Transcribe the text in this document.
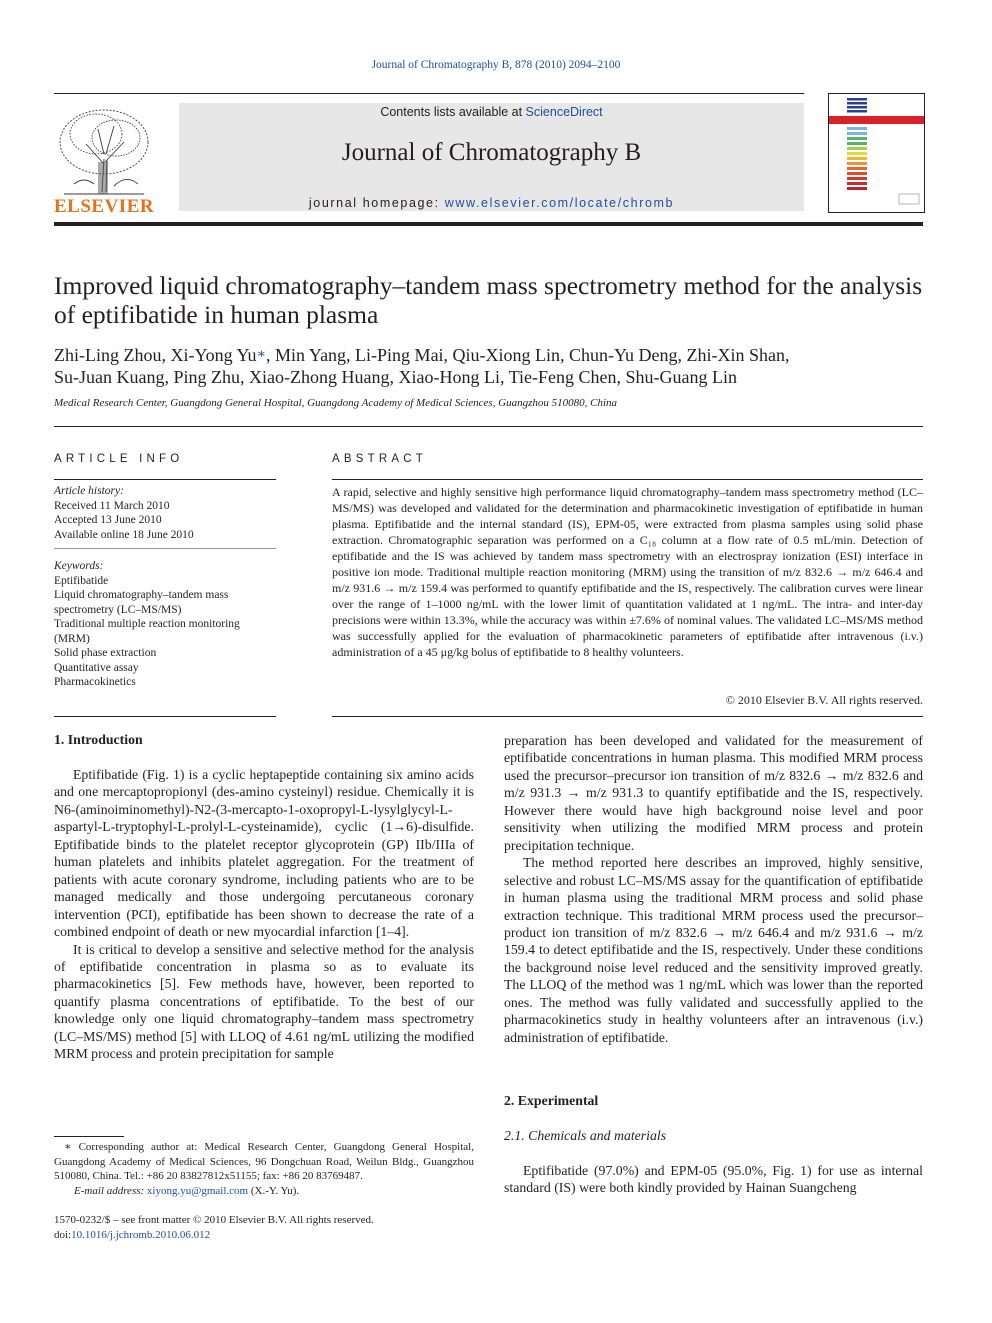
Journal of Chromatography B, 878 (2010) 2094–2100
ELSEVIER
Contents lists available at ScienceDirect
Journal of Chromatography B
journal homepage: www.elsevier.com/locate/chromb
Improved liquid chromatography–tandem mass spectrometry method for the analysis of eptifibatide in human plasma
Zhi-Ling Zhou, Xi-Yong Yu∗, Min Yang, Li-Ping Mai, Qiu-Xiong Lin, Chun-Yu Deng, Zhi-Xin Shan,
Su-Juan Kuang, Ping Zhu, Xiao-Zhong Huang, Xiao-Hong Li, Tie-Feng Chen, Shu-Guang Lin
Medical Research Center, Guangdong General Hospital, Guangdong Academy of Medical Sciences, Guangzhou 510080, China
ARTICLE INFO
Article history:
Received 11 March 2010
Accepted 13 June 2010
Available online 18 June 2010
Keywords:
Eptifibatide
Liquid chromatography–tandem mass spectrometry (LC–MS/MS)
Traditional multiple reaction monitoring (MRM)
Solid phase extraction
Quantitative assay
Pharmacokinetics
ABSTRACT
A rapid, selective and highly sensitive high performance liquid chromatography–tandem mass spectrometry method (LC–MS/MS) was developed and validated for the determination and pharmacokinetic investigation of eptifibatide in human plasma. Eptifibatide and the internal standard (IS), EPM-05, were extracted from plasma samples using solid phase extraction. Chromatographic separation was performed on a C₁₈ column at a flow rate of 0.5 mL/min. Detection of eptifibatide and the IS was achieved by tandem mass spectrometry with an electrospray ionization (ESI) interface in positive ion mode. Traditional multiple reaction monitoring (MRM) using the transition of m/z 832.6 → m/z 646.4 and m/z 931.6 → m/z 159.4 was performed to quantify eptifibatide and the IS, respectively. The calibration curves were linear over the range of 1–1000 ng/mL with the lower limit of quantitation validated at 1 ng/mL. The intra- and inter-day precisions were within 13.3%, while the accuracy was within ±7.6% of nominal values. The validated LC–MS/MS method was successfully applied for the evaluation of pharmacokinetic parameters of eptifibatide after intravenous (i.v.) administration of a 45 μg/kg bolus of eptifibatide to 8 healthy volunteers.
© 2010 Elsevier B.V. All rights reserved.
1. Introduction

Eptifibatide (Fig. 1) is a cyclic heptapeptide containing six amino acids and one mercaptopropionyl (des-amino cysteinyl) residue. Chemically it is N6-(aminoiminomethyl)-N2-(3-mercapto-1-oxopropyl-L-lysylglycyl-L-aspartyl-L-tryptophyl-L-prolyl-L-cysteinamide), cyclic (1→6)-disulfide. Eptifibatide binds to the platelet receptor glycoprotein (GP) IIb/IIIa of human platelets and inhibits platelet aggregation. For the treatment of patients with acute coronary syndrome, including patients who are to be managed medically and those undergoing percutaneous coronary intervention (PCI), eptifibatide has been shown to decrease the rate of a combined endpoint of death or new myocardial infarction [1–4].

It is critical to develop a sensitive and selective method for the analysis of eptifibatide concentration in plasma so as to evaluate its pharmacokinetics [5]. Few methods have, however, been reported to quantify plasma concentrations of eptifibatide. To the best of our knowledge only one liquid chromatography–tandem mass spectrometry (LC–MS/MS) method [5] with LLOQ of 4.61 ng/mL utilizing the modified MRM process and protein precipitation for sample

∗ Corresponding author at: Medical Research Center, Guangdong General Hospital, Guangdong Academy of Medical Sciences, 96 Dongchuan Road, Weilun Bldg., Guangzhou 510080, China. Tel.: +86 20 83827812x51155; fax: +86 20 83769487.
E-mail address: xiyong.yu@gmail.com (X.-Y. Yu).
1570-0232/$ – see front matter © 2010 Elsevier B.V. All rights reserved.
doi:10.1016/j.jchromb.2010.06.012

preparation has been developed and validated for the measurement of eptifibatide concentrations in human plasma. This modified MRM process used the precursor–precursor ion transition of m/z 832.6 → m/z 832.6 and m/z 931.3 → m/z 931.3 to quantify eptifibatide and the IS, respectively. However there would have high background noise level and poor sensitivity when utilizing the modified MRM process and protein precipitation technique.

The method reported here describes an improved, highly sensitive, selective and robust LC–MS/MS assay for the quantification of eptifibatide in human plasma using the traditional MRM process and solid phase extraction technique. This traditional MRM process used the precursor–product ion transition of m/z 832.6 → m/z 646.4 and m/z 931.6 → m/z 159.4 to detect eptifibatide and the IS, respectively. Under these conditions the background noise level reduced and the sensitivity improved greatly. The LLOQ of the method was 1 ng/mL which was lower than the reported ones. The method was fully validated and successfully applied to the pharmacokinetics study in healthy volunteers after an intravenous (i.v.) administration of eptifibatide.

2. Experimental
2.1. Chemicals and materials

Eptifibatide (97.0%) and EPM-05 (95.0%, Fig. 1) for use as internal standard (IS) were both kindly provided by Hainan Suangcheng
